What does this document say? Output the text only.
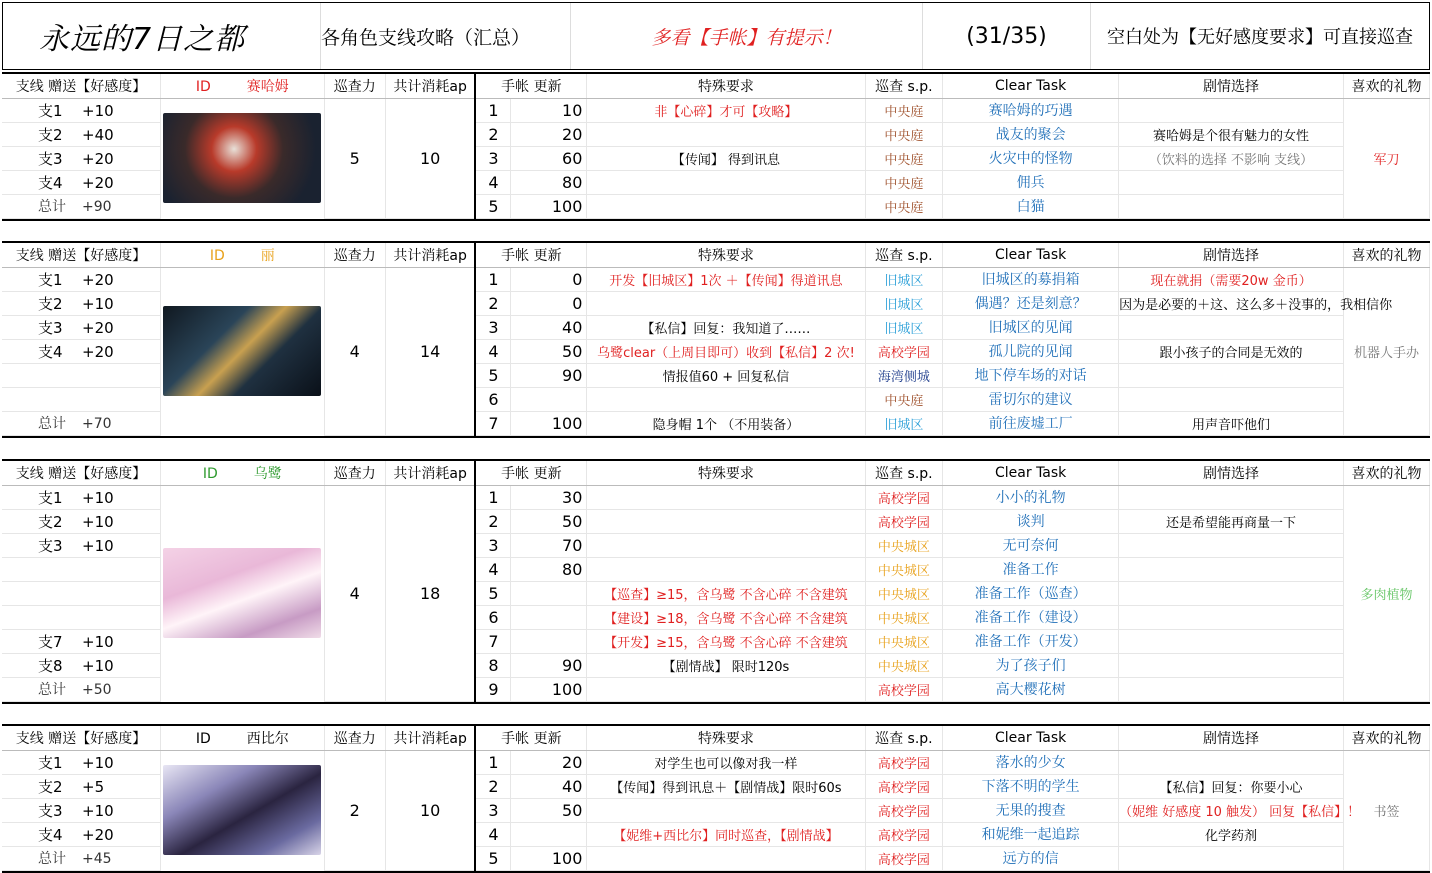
永远的7日之都	各角色支线攻略（汇总）	多看【手帐】有提示！	(31/35)	空白处为【无好感度要求】可直接巡查
支线 赠送【好感度】	ID 赛哈姆	巡查力	共计消耗ap	手帐 更新		特殊要求	巡查 s.p.	Clear Task	剧情选择	喜欢的礼物
支1 +10		5	10	1	10	非【心碎】才可【攻略】	中央庭	赛哈姆的巧遇		军刀
支2 +40				2	20		中央庭	战友的聚会	赛哈姆是个很有魅力的女性	
支3 +20				3	60	【传闻】 得到讯息	中央庭	火灾中的怪物	（饮料的选择 不影响 支线）	
支4 +20				4	80		中央庭	佣兵		
总计 +90				5	100		中央庭	白猫		
支线 赠送【好感度】	ID 丽	巡查力	共计消耗ap	手帐 更新		特殊要求	巡查 s.p.	Clear Task	剧情选择	喜欢的礼物
支1 +20		4	14	1	0	开发【旧城区】1次 ＋【传闻】得道讯息	旧城区	旧城区的募捐箱	现在就捐（需要20w 金币）	机器人手办
支2 +10				2	0		旧城区	偶遇？还是刻意？	因为是必要的＋这、这么多＋没事的，我相信你	
支3 +20				3	40	【私信】回复：我知道了……	旧城区	旧城区的见闻		
支4 +20				4	50	乌鹭clear（上周目即可）收到【私信】2 次!	高校学园	孤儿院的见闻	跟小孩子的合同是无效的	
				5	90	情报值60 + 回复私信	海湾侧城	地下停车场的对话		
				6			中央庭	雷切尔的建议		
总计 +70				7	100	隐身帽 1个 （不用装备）	旧城区	前往废墟工厂	用声音吓他们	
支线 赠送【好感度】	ID 乌鹭	巡查力	共计消耗ap	手帐 更新		特殊要求	巡查 s.p.	Clear Task	剧情选择	喜欢的礼物
支1 +10		4	18	1	30		高校学园	小小的礼物		多肉植物
支2 +10				2	50		高校学园	谈判	还是希望能再商量一下	
支3 +10				3	70		中央城区	无可奈何		
				4	80		中央城区	准备工作		
				5		【巡查】≥15，含乌鹭 不含心碎 不含建筑	中央城区	准备工作（巡查）		
				6		【建设】≥18，含乌鹭 不含心碎 不含建筑	中央城区	准备工作（建设）		
支7 +10				7		【开发】≥15，含乌鹭 不含心碎 不含建筑	中央城区	准备工作（开发）		
支8 +10				8	90	【剧情战】 限时120s	中央城区	为了孩子们		
总计 +50				9	100		高校学园	高大樱花树		
支线 赠送【好感度】	ID 西比尔	巡查力	共计消耗ap	手帐 更新		特殊要求	巡查 s.p.	Clear Task	剧情选择	喜欢的礼物
支1 +10		2	10	1	20	对学生也可以像对我一样	高校学园	落水的少女		书签
支2 +5				2	40	【传闻】得到讯息＋【剧情战】限时60s	高校学园	下落不明的学生	【私信】回复：你要小心	
支3 +10				3	50		高校学园	无果的搜查	（妮维 好感度 10 触发） 回复【私信】！	
支4 +20				4		【妮维+西比尔】同时巡查，【剧情战】	高校学园	和妮维一起追踪	化学药剂	
总计 +45				5	100		高校学园	远方的信		
